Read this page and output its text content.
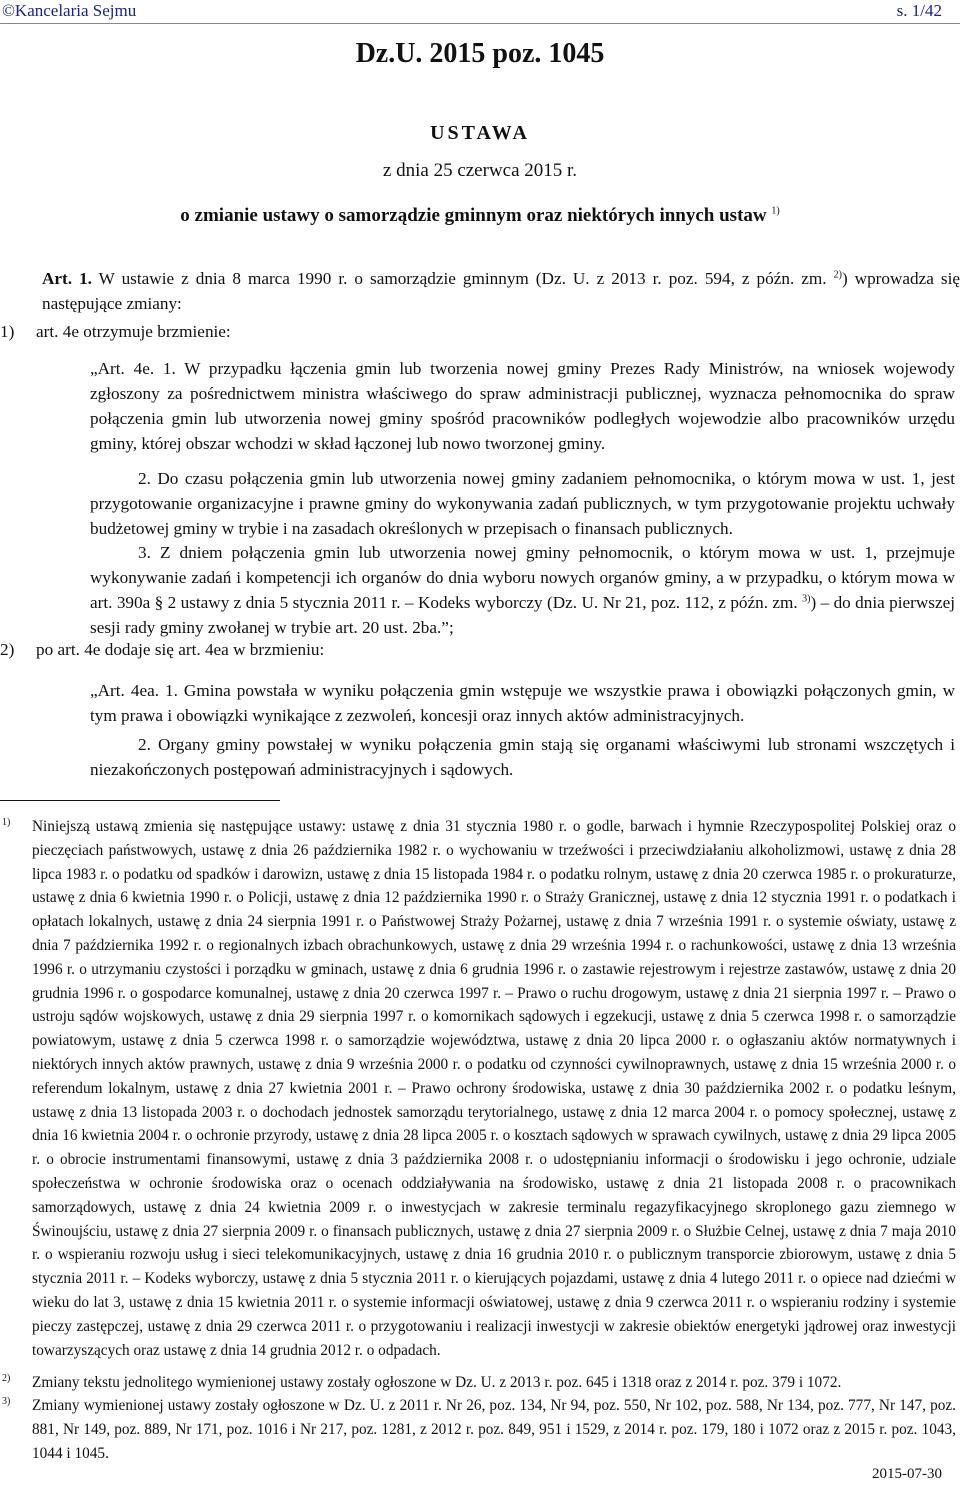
©Kancelaria Sejmu	s. 1/42
Dz.U. 2015 poz. 1045
USTAWA
z dnia 25 czerwca 2015 r.
o zmianie ustawy o samorządzie gminnym oraz niektórych innych ustaw $^{1)}$
Art. 1. W ustawie z dnia 8 marca 1990 r. o samorządzie gminnym (Dz. U. z 2013 r. poz. 594, z późn. zm. $^{2)}$) wprowadza się następujące zmiany:
1) art. 4e otrzymuje brzmienie:
„Art. 4e. 1. W przypadku łączenia gmin lub tworzenia nowej gminy Prezes Rady Ministrów, na wniosek wojewody zgłoszony za pośrednictwem ministra właściwego do spraw administracji publicznej, wyznacza pełnomocnika do spraw połączenia gmin lub utworzenia nowej gminy spośród pracowników podległych wojewodzie albo pracowników urzędu gminy, której obszar wchodzi w skład łączonej lub nowo tworzonej gminy.
2. Do czasu połączenia gmin lub utworzenia nowej gminy zadaniem pełnomocnika, o którym mowa w ust. 1, jest przygotowanie organizacyjne i prawne gminy do wykonywania zadań publicznych, w tym przygotowanie projektu uchwały budżetowej gminy w trybie i na zasadach określonych w przepisach o finansach publicznych.
3. Z dniem połączenia gmin lub utworzenia nowej gminy pełnomocnik, o którym mowa w ust. 1, przejmuje wykonywanie zadań i kompetencji ich organów do dnia wyboru nowych organów gminy, a w przypadku, o którym mowa w art. 390a § 2 ustawy z dnia 5 stycznia 2011 r. – Kodeks wyborczy (Dz. U. Nr 21, poz. 112, z późn. zm. $^{3)}$) – do dnia pierwszej sesji rady gminy zwołanej w trybie art. 20 ust. 2ba.”;
2) po art. 4e dodaje się art. 4ea w brzmieniu:
„Art. 4ea. 1. Gmina powstała w wyniku połączenia gmin wstępuje we wszystkie prawa i obowiązki połączonych gmin, w tym prawa i obowiązki wynikające z zezwoleń, koncesji oraz innych aktów administracyjnych.
2. Organy gminy powstałej w wyniku połączenia gmin stają się organami właściwymi lub stronami wszczętych i niezakończonych postępowań administracyjnych i sądowych.
1) Niniejszą ustawą zmienia się następujące ustawy: ustawę z dnia 31 stycznia 1980 r. o godle, barwach i hymnie Rzeczypospolitej Polskiej oraz o pieczęciach państwowych, ustawę z dnia 26 października 1982 r. o wychowaniu w trzeźwości i przeciwdziałaniu alkoholizmowi, ustawę z dnia 28 lipca 1983 r. o podatku od spadków i darowizn, ustawę z dnia 15 listopada 1984 r. o podatku rolnym, ustawę z dnia 20 czerwca 1985 r. o prokuraturze, ustawę z dnia 6 kwietnia 1990 r. o Policji, ustawę z dnia 12 października 1990 r. o Straży Granicznej, ustawę z dnia 12 stycznia 1991 r. o podatkach i opłatach lokalnych, ustawę z dnia 24 sierpnia 1991 r. o Państwowej Straży Pożarnej, ustawę z dnia 7 września 1991 r. o systemie oświaty, ustawę z dnia 7 października 1992 r. o regionalnych izbach obrachunkowych, ustawę z dnia 29 września 1994 r. o rachunkowości, ustawę z dnia 13 września 1996 r. o utrzymaniu czystości i porządku w gminach, ustawę z dnia 6 grudnia 1996 r. o zastawie rejestrowym i rejestrze zastawów, ustawę z dnia 20 grudnia 1996 r. o gospodarce komunalnej, ustawę z dnia 20 czerwca 1997 r. – Prawo o ruchu drogowym, ustawę z dnia 21 sierpnia 1997 r. – Prawo o ustroju sądów wojskowych, ustawę z dnia 29 sierpnia 1997 r. o komornikach sądowych i egzekucji, ustawę z dnia 5 czerwca 1998 r. o samorządzie powiatowym, ustawę z dnia 5 czerwca 1998 r. o samorządzie województwa, ustawę z dnia 20 lipca 2000 r. o ogłaszaniu aktów normatywnych i niektórych innych aktów prawnych, ustawę z dnia 9 września 2000 r. o podatku od czynności cywilnoprawnych, ustawę z dnia 15 września 2000 r. o referendum lokalnym, ustawę z dnia 27 kwietnia 2001 r. – Prawo ochrony środowiska, ustawę z dnia 30 października 2002 r. o podatku leśnym, ustawę z dnia 13 listopada 2003 r. o dochodach jednostek samorządu terytorialnego, ustawę z dnia 12 marca 2004 r. o pomocy społecznej, ustawę z dnia 16 kwietnia 2004 r. o ochronie przyrody, ustawę z dnia 28 lipca 2005 r. o kosztach sądowych w sprawach cywilnych, ustawę z dnia 29 lipca 2005 r. o obrocie instrumentami finansowymi, ustawę z dnia 3 października 2008 r. o udostępnianiu informacji o środowisku i jego ochronie, udziale społeczeństwa w ochronie środowiska oraz o ocenach oddziaływania na środowisko, ustawę z dnia 21 listopada 2008 r. o pracownikach samorządowych, ustawę z dnia 24 kwietnia 2009 r. o inwestycjach w zakresie terminalu regazyfikacyjnego skroplonego gazu ziemnego w Świnoujściu, ustawę z dnia 27 sierpnia 2009 r. o finansach publicznych, ustawę z dnia 27 sierpnia 2009 r. o Służbie Celnej, ustawę z dnia 7 maja 2010 r. o wspieraniu rozwoju usług i sieci telekomunikacyjnych, ustawę z dnia 16 grudnia 2010 r. o publicznym transporcie zbiorowym, ustawę z dnia 5 stycznia 2011 r. – Kodeks wyborczy, ustawę z dnia 5 stycznia 2011 r. o kierujących pojazdami, ustawę z dnia 4 lutego 2011 r. o opiece nad dziećmi w wieku do lat 3, ustawę z dnia 15 kwietnia 2011 r. o systemie informacji oświatowej, ustawę z dnia 9 czerwca 2011 r. o wspieraniu rodziny i systemie pieczy zastępczej, ustawę z dnia 29 czerwca 2011 r. o przygotowaniu i realizacji inwestycji w zakresie obiektów energetyki jądrowej oraz inwestycji towarzyszących oraz ustawę z dnia 14 grudnia 2012 r. o odpadach.
2) Zmiany tekstu jednolitego wymienionej ustawy zostały ogłoszone w Dz. U. z 2013 r. poz. 645 i 1318 oraz z 2014 r. poz. 379 i 1072.
3) Zmiany wymienionej ustawy zostały ogłoszone w Dz. U. z 2011 r. Nr 26, poz. 134, Nr 94, poz. 550, Nr 102, poz. 588, Nr 134, poz. 777, Nr 147, poz. 881, Nr 149, poz. 889, Nr 171, poz. 1016 i Nr 217, poz. 1281, z 2012 r. poz. 849, 951 i 1529, z 2014 r. poz. 179, 180 i 1072 oraz z 2015 r. poz. 1043, 1044 i 1045.
2015-07-30
